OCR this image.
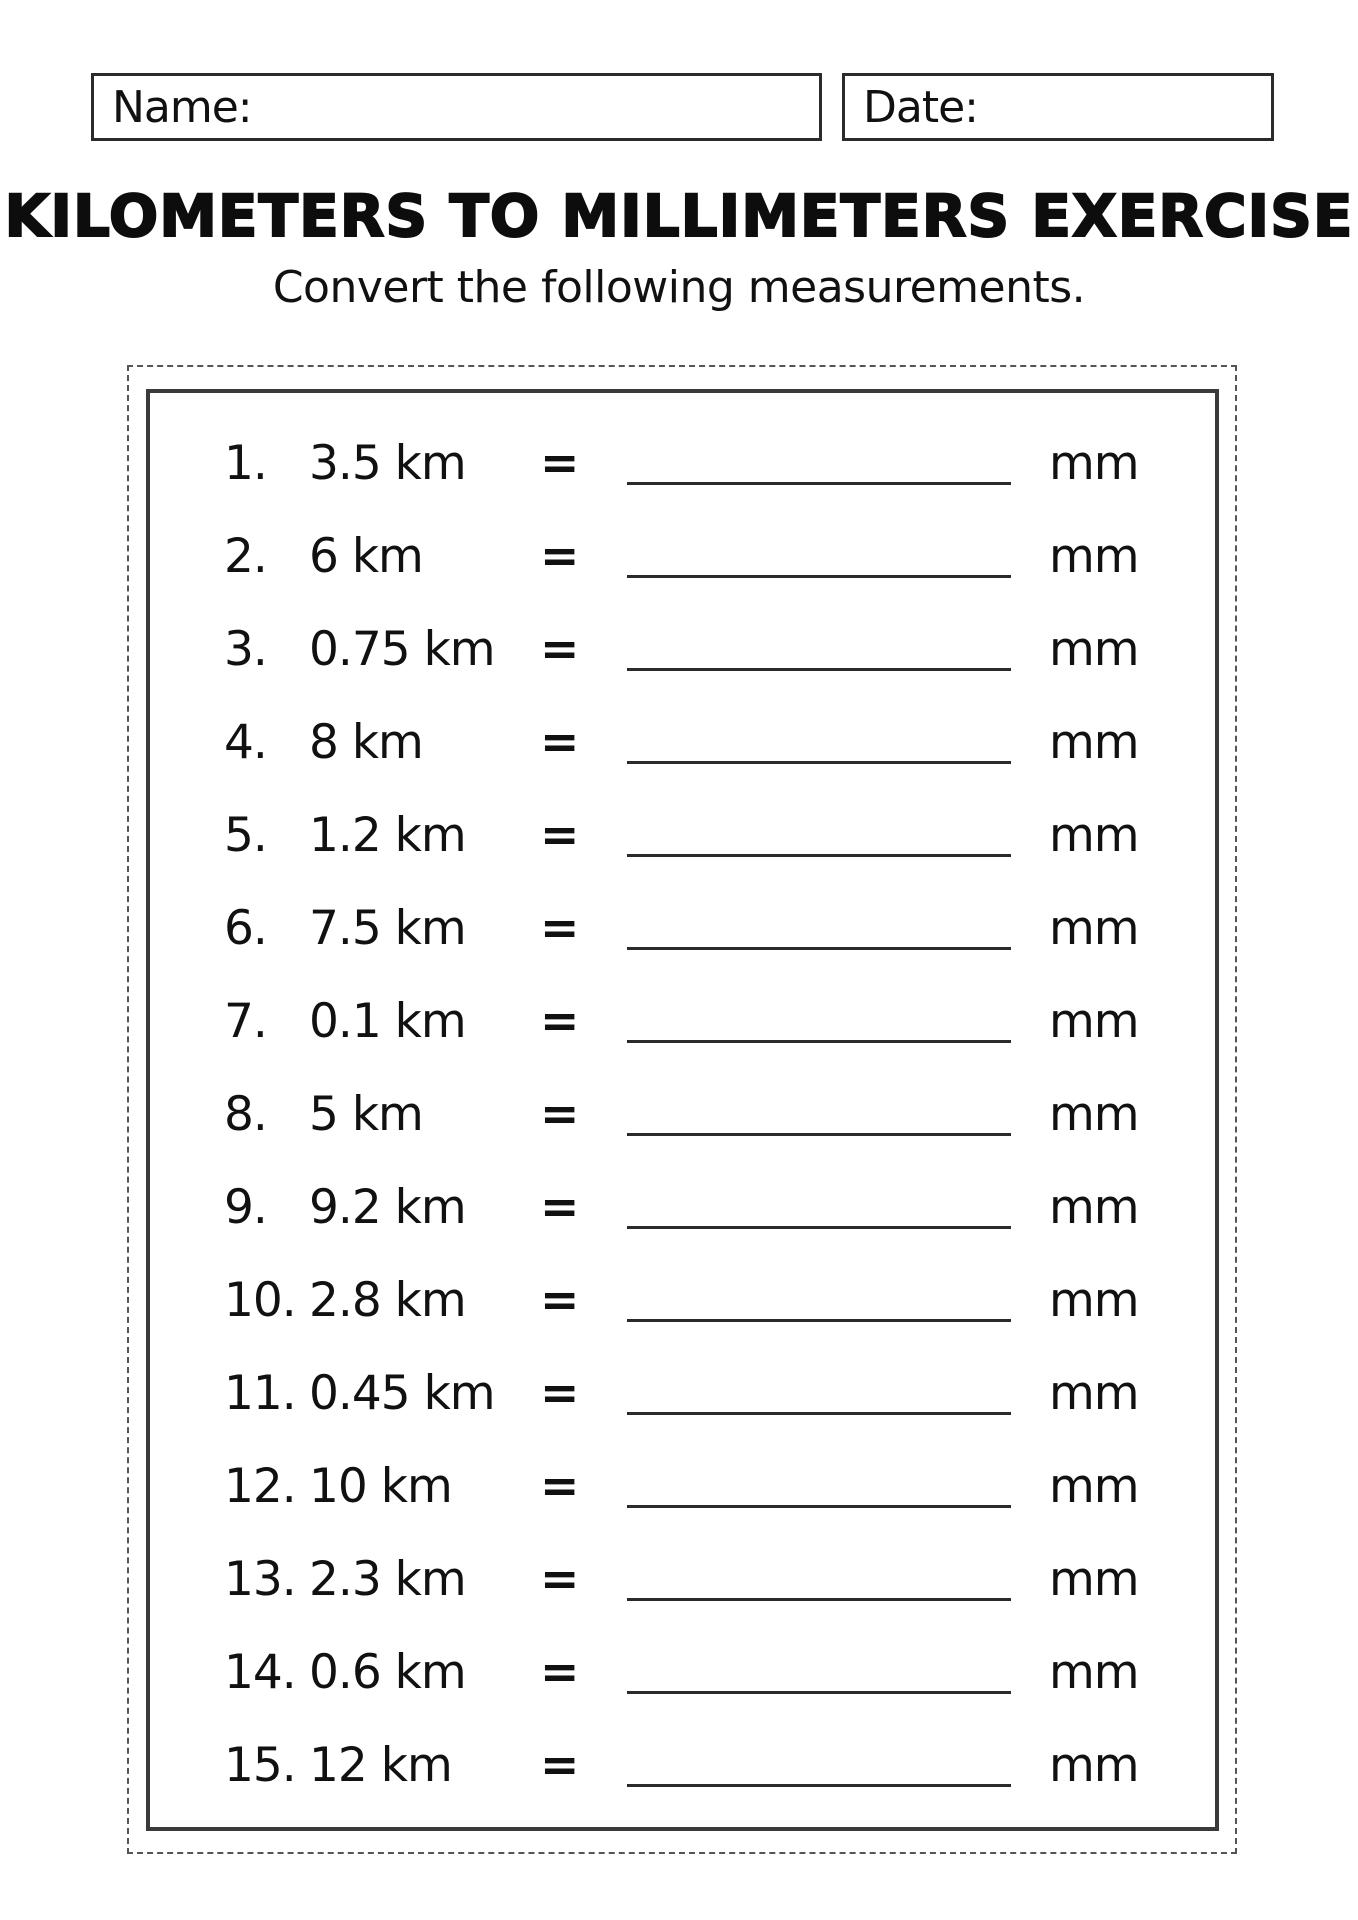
Name:	Date:
KILOMETERS TO MILLIMETERS EXERCISE
Convert the following measurements.
1. 3.5 km =	mm
2. 6 km =	mm
3. 0.75 km =	mm
4. 8 km =	mm
5. 1.2 km =	mm
6. 7.5 km =	mm
7. 0.1 km =	mm
8. 5 km =	mm
9. 9.2 km =	mm
10. 2.8 km =	mm
11. 0.45 km =	mm
12. 10 km =	mm
13. 2.3 km =	mm
14. 0.6 km =	mm
15. 12 km =	mm
